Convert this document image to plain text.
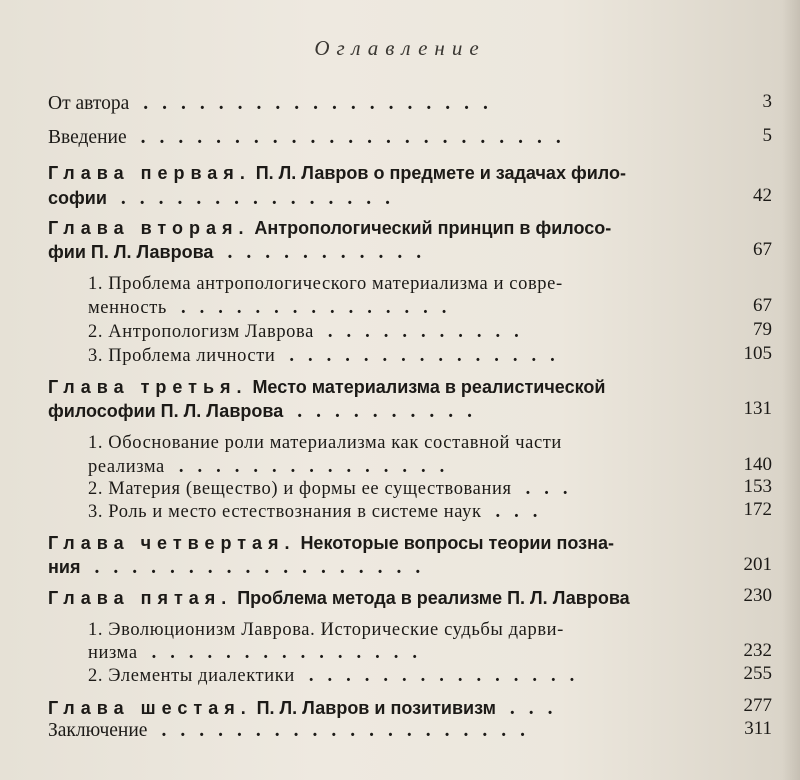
Оглавление
От автора ...................	3
Введение .......................	5
Глава первая. П. Л. Лавров о предмете и задачах фило-
софии ...............	42
Глава вторая. Антропологический принцип в филосо-
фии П. Л. Лаврова ...........	67
1. Проблема антропологического материализма и совре-
менность ...............	67
2. Антропологизм Лаврова ...........	79
3. Проблема личности ...............	105
Глава третья. Место материализма в реалистической
философии П. Л. Лаврова ..........	131
1. Обоснование роли материализма как составной части
реализма ...............	140
2. Материя (вещество) и формы ее существования ...	153
3. Роль и место естествознания в системе наук ...	172
Глава четвертая. Некоторые вопросы теории позна-
ния ..................	201
Глава пятая. Проблема метода в реализме П. Л. Лаврова	230
1. Эволюционизм Лаврова. Исторические судьбы дарви-
низма ...............	232
2. Элементы диалектики ...............	255
Глава шестая. П. Л. Лавров и позитивизм ...	277
Заключение ....................	311
